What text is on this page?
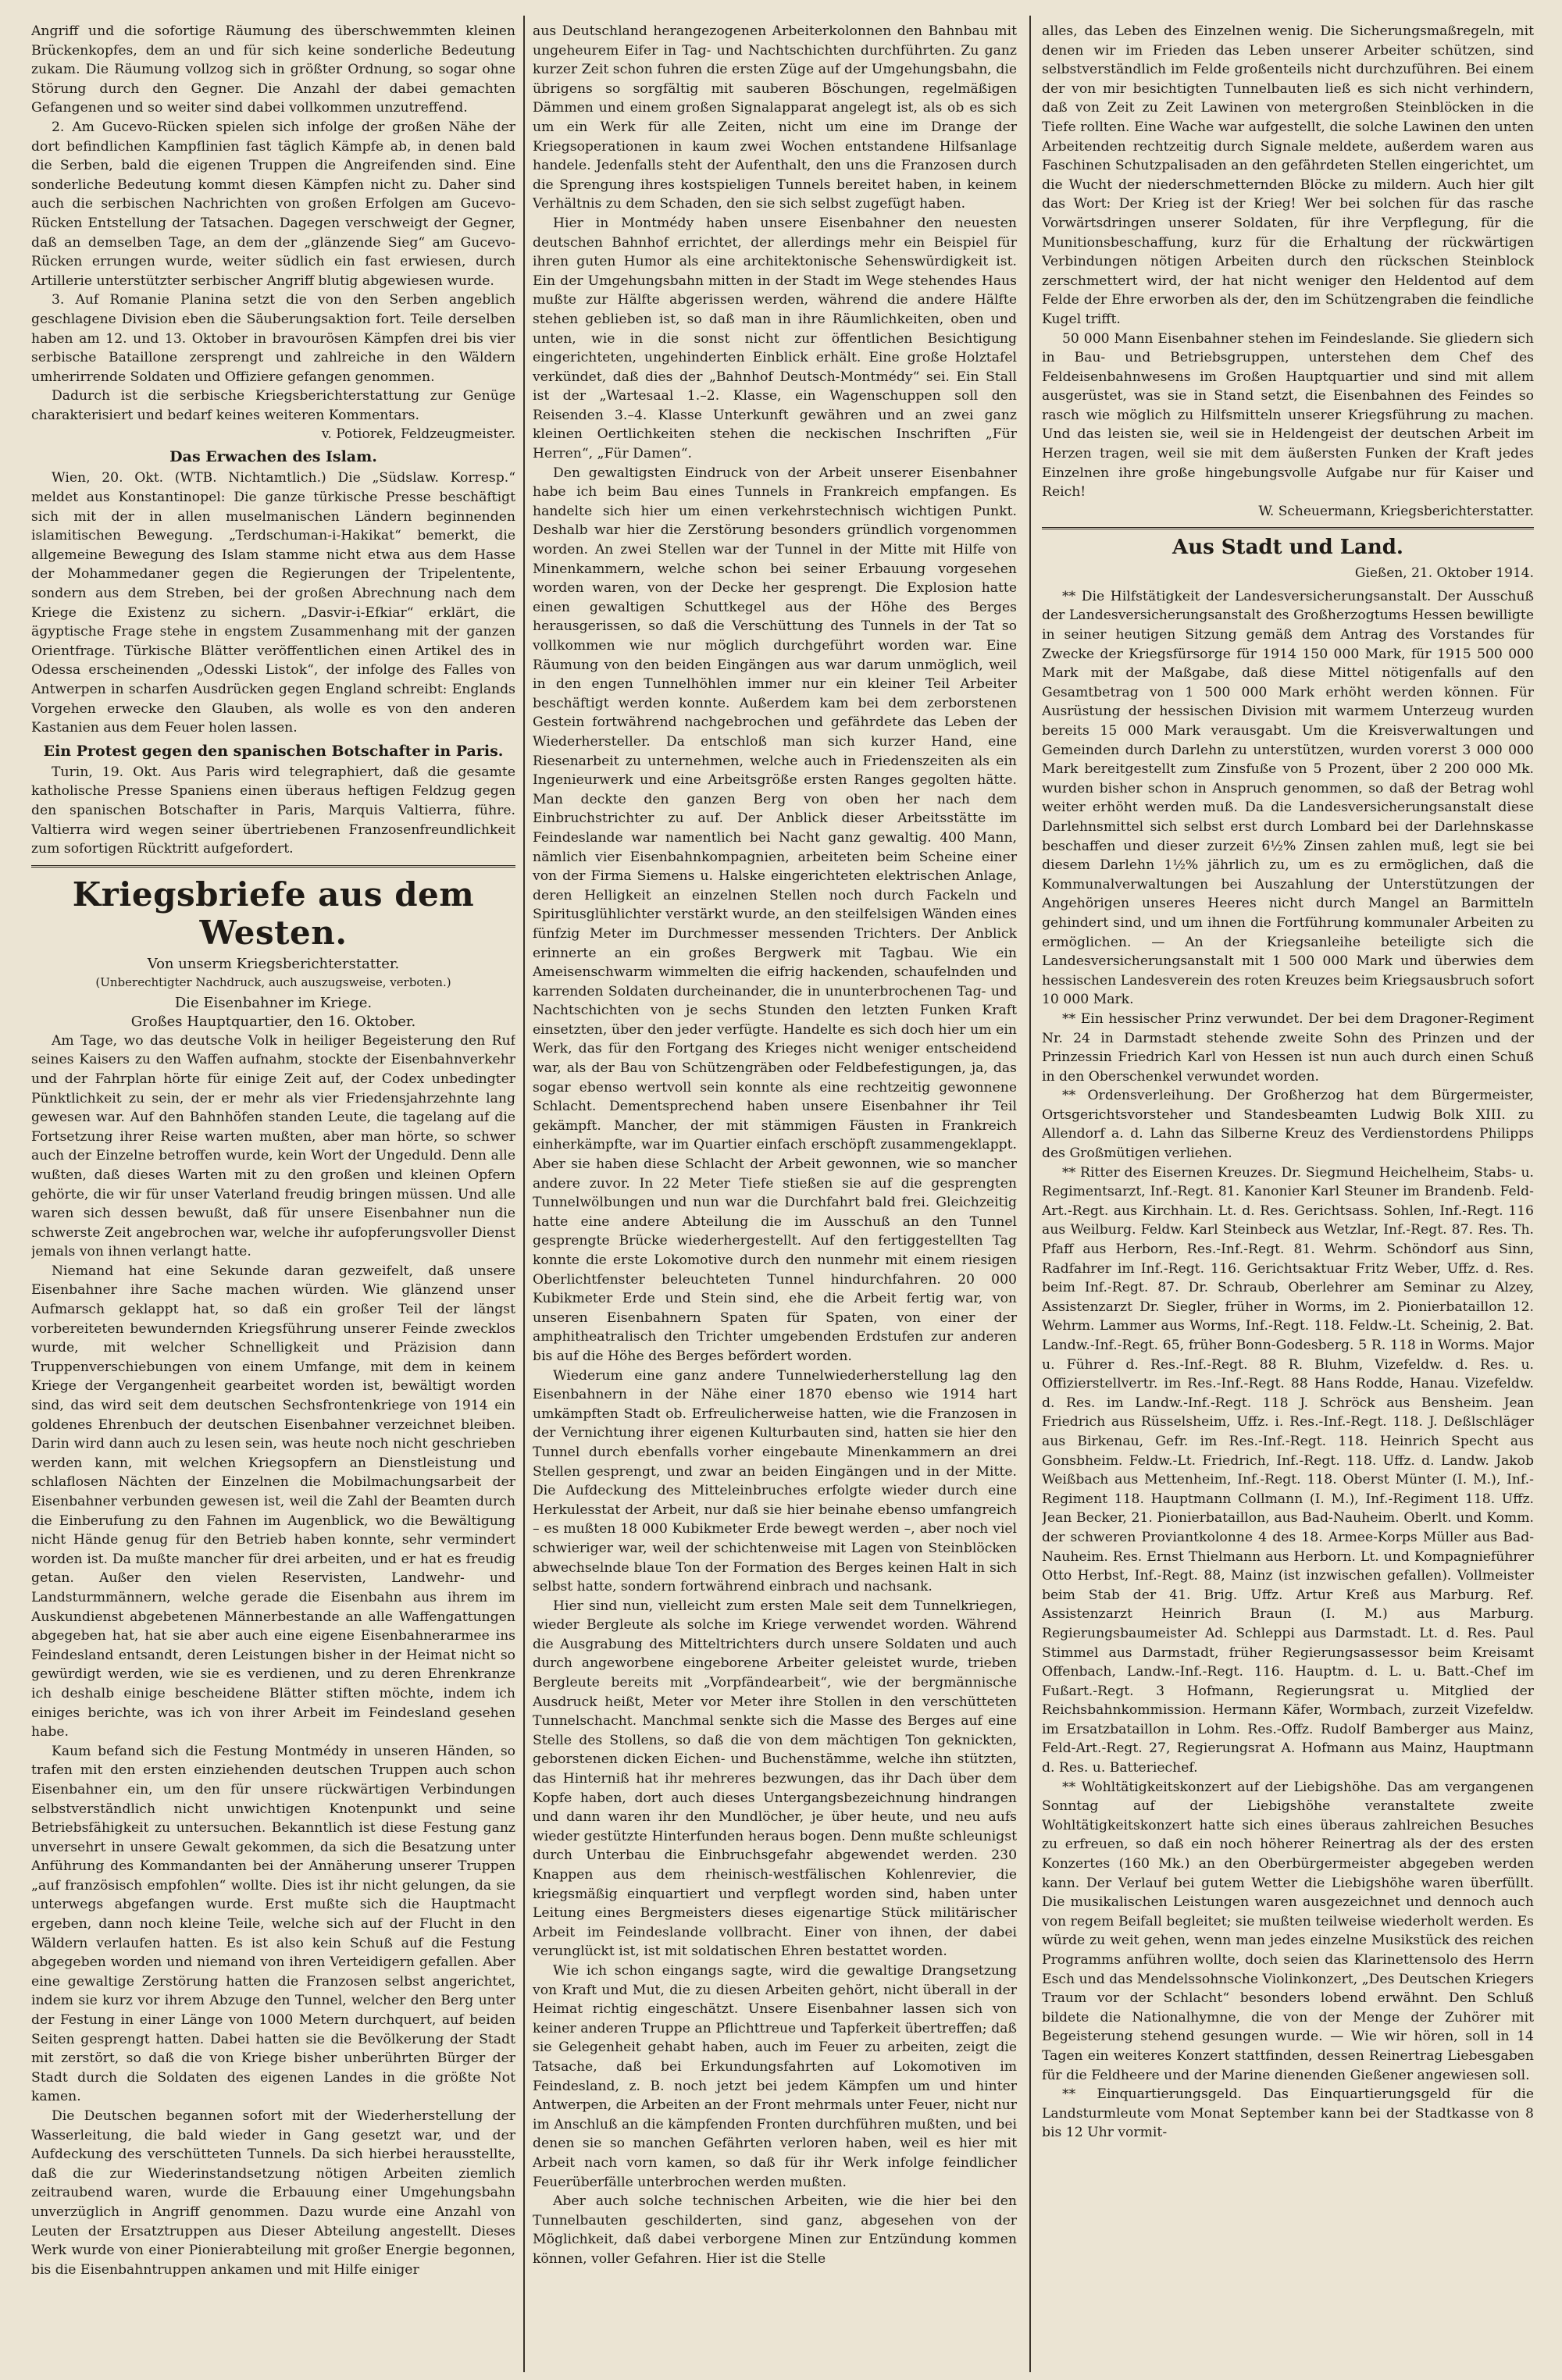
Angriff und die sofortige Räumung des überschwemmten kleinen Brückenkopfes, dem an und für sich keine sonderliche Bedeutung zukam. Die Räumung vollzog sich in größter Ordnung, so sogar ohne Störung durch den Gegner. Die Anzahl der dabei gemachten Gefangenen und so weiter sind dabei vollkommen unzutreffend.

2. Am Gucevo-Rücken spielen sich infolge der großen Nähe der dort befindlichen Kampflinien fast täglich Kämpfe ab, in denen bald die Serben, bald die eigenen Truppen die Angreifenden sind. Eine sonderliche Bedeutung kommt diesen Kämpfen nicht zu. Daher sind auch die serbischen Nachrichten von großen Erfolgen am Gucevo-Rücken Entstellung der Tatsachen. Dagegen verschweigt der Gegner, daß an demselben Tage, an dem der „glänzende Sieg“ am Gucevo-Rücken errungen wurde, weiter südlich ein fast erwiesen, durch Artillerie unterstützter serbischer Angriff blutig abgewiesen wurde.

3. Auf Romanie Planina setzt die von den Serben angeblich geschlagene Division eben die Säuberungsaktion fort. Teile derselben haben am 12. und 13. Oktober in bravourösen Kämpfen drei bis vier serbische Bataillone zersprengt und zahlreiche in den Wäldern umherirrende Soldaten und Offiziere gefangen genommen.

Dadurch ist die serbische Kriegsberichterstattung zur Genüge charakterisiert und bedarf keines weiteren Kommentars.

v. Potiorek, Feldzeugmeister.
Das Erwachen des Islam.

Wien, 20. Okt. (WTB. Nichtamtlich.) Die „Südslaw. Korresp.“ meldet aus Konstantinopel: Die ganze türkische Presse beschäftigt sich mit der in allen muselmanischen Ländern beginnenden islamitischen Bewegung. „Terdschuman-i-Hakikat“ bemerkt, die allgemeine Bewegung des Islam stamme nicht etwa aus dem Hasse der Mohammedaner gegen die Regierungen der Tripelentente, sondern aus dem Streben, bei der großen Abrechnung nach dem Kriege die Existenz zu sichern. „Dasvir-i-Efkiar“ erklärt, die ägyptische Frage stehe in engstem Zusammenhang mit der ganzen Orientfrage. Türkische Blätter veröffentlichen einen Artikel des in Odessa erscheinenden „Odesski Listok“, der infolge des Falles von Antwerpen in scharfen Ausdrücken gegen England schreibt: Englands Vorgehen erwecke den Glauben, als wolle es von den anderen Kastanien aus dem Feuer holen lassen.

Ein Protest gegen den spanischen Botschafter in Paris.

Turin, 19. Okt. Aus Paris wird telegraphiert, daß die gesamte katholische Presse Spaniens einen überaus heftigen Feldzug gegen den spanischen Botschafter in Paris, Marquis Valtierra, führe. Valtierra wird wegen seiner übertriebenen Franzosenfreundlichkeit zum sofortigen Rücktritt aufgefordert.

Kriegsbriefe aus dem Westen.
Von unserm Kriegsberichterstatter.
(Unberechtigter Nachdruck, auch auszugsweise, verboten.)
Die Eisenbahner im Kriege.
Großes Hauptquartier, den 16. Oktober.

Am Tage, wo das deutsche Volk in heiliger Begeisterung den Ruf seines Kaisers zu den Waffen aufnahm, stockte der Eisenbahnverkehr und der Fahrplan hörte für einige Zeit auf, der Codex unbedingter Pünktlichkeit zu sein, der er mehr als vier Friedensjahrzehnte lang gewesen war. Auf den Bahnhöfen standen Leute, die tagelang auf die Fortsetzung ihrer Reise warten mußten, aber man hörte, so schwer auch der Einzelne betroffen wurde, kein Wort der Ungeduld. Denn alle wußten, daß dieses Warten mit zu den großen und kleinen Opfern gehörte, die wir für unser Vaterland freudig bringen müssen. Und alle waren sich dessen bewußt, daß für unsere Eisenbahner nun die schwerste Zeit angebrochen war, welche ihr aufopferungsvoller Dienst jemals von ihnen verlangt hatte.

Niemand hat eine Sekunde daran gezweifelt, daß unsere Eisenbahner ihre Sache machen würden. Wie glänzend unser Aufmarsch geklappt hat, so daß ein großer Teil der längst vorbereiteten bewundernden Kriegsführung unserer Feinde zwecklos wurde, mit welcher Schnelligkeit und Präzision dann Truppenverschiebungen von einem Umfange, mit dem in keinem Kriege der Vergangenheit gearbeitet worden ist, bewältigt worden sind, das wird seit dem deutschen Sechsfrontenkriege von 1914 ein goldenes Ehrenbuch der deutschen Eisenbahner verzeichnet bleiben. Darin wird dann auch zu lesen sein, was heute noch nicht geschrieben werden kann, mit welchen Kriegsopfern an Dienstleistung und schlaflosen Nächten der Einzelnen die Mobilmachungsarbeit der Eisenbahner verbunden gewesen ist, weil die Zahl der Beamten durch die Einberufung zu den Fahnen im Augenblick, wo die Bewältigung nicht Hände genug für den Betrieb haben konnte, sehr vermindert worden ist. Da mußte mancher für drei arbeiten, und er hat es freudig getan. Außer den vielen Reservisten, Landwehr- und Landsturmmännern, welche gerade die Eisenbahn aus ihrem im Auskundienst abgebetenen Männerbestande an alle Waffengattungen abgegeben hat, hat sie aber auch eine eigene Eisenbahnerarmee ins Feindesland entsandt, deren Leistungen bisher in der Heimat nicht so gewürdigt werden, wie sie es verdienen, und zu deren Ehrenkranze ich deshalb einige bescheidene Blätter stiften möchte, indem ich einiges berichte, was ich von ihrer Arbeit im Feindesland gesehen habe.

Kaum befand sich die Festung Montmédy in unseren Händen, so trafen mit den ersten einziehenden deutschen Truppen auch schon Eisenbahner ein, um den für unsere rückwärtigen Verbindungen selbstverständlich nicht unwichtigen Knotenpunkt und seine Betriebsfähigkeit zu untersuchen. Bekanntlich ist diese Festung ganz unversehrt in unsere Gewalt gekommen, da sich die Besatzung unter Anführung des Kommandanten bei der Annäherung unserer Truppen „auf französisch empfohlen“ wollte. Dies ist ihr nicht gelungen, da sie unterwegs abgefangen wurde. Erst mußte sich die Hauptmacht ergeben, dann noch kleine Teile, welche sich auf der Flucht in den Wäldern verlaufen hatten. Es ist also kein Schuß auf die Festung abgegeben worden und niemand von ihren Verteidigern gefallen. Aber eine gewaltige Zerstörung hatten die Franzosen selbst angerichtet, indem sie kurz vor ihrem Abzuge den Tunnel, welcher den Berg unter der Festung in einer Länge von 1000 Metern durchquert, auf beiden Seiten gesprengt hatten. Dabei hatten sie die Bevölkerung der Stadt mit zerstört, so daß die von Kriege bisher unberührten Bürger der Stadt durch die Soldaten des eigenen Landes in die größte Not kamen.

Die Deutschen begannen sofort mit der Wiederherstellung der Wasserleitung, die bald wieder in Gang gesetzt war, und der Aufdeckung des verschütteten Tunnels. Da sich hierbei herausstellte, daß die zur Wiederinstandsetzung nötigen Arbeiten ziemlich zeitraubend waren, wurde die Erbauung einer Umgehungsbahn unverzüglich in Angriff genommen. Dazu wurde eine Anzahl von Leuten der Ersatztruppen aus Dieser Abteilung angestellt. Dieses Werk wurde von einer Pionierabteilung mit großer Energie begonnen, bis die Eisenbahntruppen ankamen und mit Hilfe einiger

aus Deutschland herangezogenen Arbeiterkolonnen den Bahnbau mit ungeheurem Eifer in Tag- und Nachtschichten durchführten. Zu ganz kurzer Zeit schon fuhren die ersten Züge auf der Umgehungsbahn, die übrigens so sorgfältig mit sauberen Böschungen, regelmäßigen Dämmen und einem großen Signalapparat angelegt ist, als ob es sich um ein Werk für alle Zeiten, nicht um eine im Drange der Kriegsoperationen in kaum zwei Wochen entstandene Hilfsanlage handele. Jedenfalls steht der Aufenthalt, den uns die Franzosen durch die Sprengung ihres kostspieligen Tunnels bereitet haben, in keinem Verhältnis zu dem Schaden, den sie sich selbst zugefügt haben.

Hier in Montmédy haben unsere Eisenbahner den neuesten deutschen Bahnhof errichtet, der allerdings mehr ein Beispiel für ihren guten Humor als eine architektonische Sehenswürdigkeit ist. Ein der Umgehungsbahn mitten in der Stadt im Wege stehendes Haus mußte zur Hälfte abgerissen werden, während die andere Hälfte stehen geblieben ist, so daß man in ihre Räumlichkeiten, oben und unten, wie in die sonst nicht zur öffentlichen Besichtigung eingerichteten, ungehinderten Einblick erhält. Eine große Holztafel verkündet, daß dies der „Bahnhof Deutsch-Montmédy“ sei. Ein Stall ist der „Wartesaal 1.–2. Klasse, ein Wagenschuppen soll den Reisenden 3.–4. Klasse Unterkunft gewähren und an zwei ganz kleinen Oertlichkeiten stehen die neckischen Inschriften „Für Herren“, „Für Damen“.

Den gewaltigsten Eindruck von der Arbeit unserer Eisenbahner habe ich beim Bau eines Tunnels in Frankreich empfangen. Es handelte sich hier um einen verkehrstechnisch wichtigen Punkt. Deshalb war hier die Zerstörung besonders gründlich vorgenommen worden. An zwei Stellen war der Tunnel in der Mitte mit Hilfe von Minenkammern, welche schon bei seiner Erbauung vorgesehen worden waren, von der Decke her gesprengt. Die Explosion hatte einen gewaltigen Schuttkegel aus der Höhe des Berges herausgerissen, so daß die Verschüttung des Tunnels in der Tat so vollkommen wie nur möglich durchgeführt worden war. Eine Räumung von den beiden Eingängen aus war darum unmöglich, weil in den engen Tunnelhöhlen immer nur ein kleiner Teil Arbeiter beschäftigt werden konnte. Außerdem kam bei dem zerborstenen Gestein fortwährend nachgebrochen und gefährdete das Leben der Wiederhersteller. Da entschloß man sich kurzer Hand, eine Riesenarbeit zu unternehmen, welche auch in Friedenszeiten als ein Ingenieurwerk und eine Arbeitsgröße ersten Ranges gegolten hätte. Man deckte den ganzen Berg von oben her nach dem Einbruchstrichter zu auf. Der Anblick dieser Arbeitsstätte im Feindeslande war namentlich bei Nacht ganz gewaltig. 400 Mann, nämlich vier Eisenbahnkompagnien, arbeiteten beim Scheine einer von der Firma Siemens u. Halske eingerichteten elektrischen Anlage, deren Helligkeit an einzelnen Stellen noch durch Fackeln und Spiritusglühlichter verstärkt wurde, an den steilfelsigen Wänden eines fünfzig Meter im Durchmesser messenden Trichters. Der Anblick erinnerte an ein großes Bergwerk mit Tagbau. Wie ein Ameisenschwarm wimmelten die eifrig hackenden, schaufelnden und karrenden Soldaten durcheinander, die in ununterbrochenen Tag- und Nachtschichten von je sechs Stunden den letzten Funken Kraft einsetzten, über den jeder verfügte. Handelte es sich doch hier um ein Werk, das für den Fortgang des Krieges nicht weniger entscheidend war, als der Bau von Schützengräben oder Feldbefestigungen, ja, das sogar ebenso wertvoll sein konnte als eine rechtzeitig gewonnene Schlacht. Dementsprechend haben unsere Eisenbahner ihr Teil gekämpft. Mancher, der mit stämmigen Fäusten in Frankreich einherkämpfte, war im Quartier einfach erschöpft zusammengeklappt. Aber sie haben diese Schlacht der Arbeit gewonnen, wie so mancher andere zuvor. In 22 Meter Tiefe stießen sie auf die gesprengten Tunnelwölbungen und nun war die Durchfahrt bald frei. Gleichzeitig hatte eine andere Abteilung die im Ausschuß an den Tunnel gesprengte Brücke wiederhergestellt. Auf den fertiggestellten Tag konnte die erste Lokomotive durch den nunmehr mit einem riesigen Oberlichtfenster beleuchteten Tunnel hindurchfahren. 20 000 Kubikmeter Erde und Stein sind, ehe die Arbeit fertig war, von unseren Eisenbahnern Spaten für Spaten, von einer der amphitheatralisch den Trichter umgebenden Erdstufen zur anderen bis auf die Höhe des Berges befördert worden.

Wiederum eine ganz andere Tunnelwiederherstellung lag den Eisenbahnern in der Nähe einer 1870 ebenso wie 1914 hart umkämpften Stadt ob. Erfreulicherweise hatten, wie die Franzosen in der Vernichtung ihrer eigenen Kulturbauten sind, hatten sie hier den Tunnel durch ebenfalls vorher eingebaute Minenkammern an drei Stellen gesprengt, und zwar an beiden Eingängen und in der Mitte. Die Aufdeckung des Mitteleinbruches erfolgte wieder durch eine Herkulesstat der Arbeit, nur daß sie hier beinahe ebenso umfangreich – es mußten 18 000 Kubikmeter Erde bewegt werden –, aber noch viel schwieriger war, weil der schichtenweise mit Lagen von Steinblöcken abwechselnde blaue Ton der Formation des Berges keinen Halt in sich selbst hatte, sondern fortwährend einbrach und nachsank.

Hier sind nun, vielleicht zum ersten Male seit dem Tunnelkriegen, wieder Bergleute als solche im Kriege verwendet worden. Während die Ausgrabung des Mitteltrichters durch unsere Soldaten und auch durch angeworbene eingeborene Arbeiter geleistet wurde, trieben Bergleute bereits mit „Vorpfändearbeit“, wie der bergmännische Ausdruck heißt, Meter vor Meter ihre Stollen in den verschütteten Tunnelschacht. Manchmal senkte sich die Masse des Berges auf eine Stelle des Stollens, so daß die von dem mächtigen Ton geknickten, geborstenen dicken Eichen- und Buchenstämme, welche ihn stützten, das Hinterniß hat ihr mehreres bezwungen, das ihr Dach über dem Kopfe haben, dort auch dieses Untergangsbezeichnung hindrangen und dann waren ihr den Mundlöcher, je über heute, und neu aufs wieder gestützte Hinterfunden heraus bogen. Denn mußte schleunigst durch Unterbau die Einbruchsgefahr abgewendet werden. 230 Knappen aus dem rheinisch-westfälischen Kohlenrevier, die kriegsmäßig einquartiert und verpflegt worden sind, haben unter Leitung eines Bergmeisters dieses eigenartige Stück militärischer Arbeit im Feindeslande vollbracht. Einer von ihnen, der dabei verunglückt ist, ist mit soldatischen Ehren bestattet worden.

Wie ich schon eingangs sagte, wird die gewaltige Drangsetzung von Kraft und Mut, die zu diesen Arbeiten gehört, nicht überall in der Heimat richtig eingeschätzt. Unsere Eisenbahner lassen sich von keiner anderen Truppe an Pflichttreue und Tapferkeit übertreffen; daß sie Gelegenheit gehabt haben, auch im Feuer zu arbeiten, zeigt die Tatsache, daß bei Erkundungsfahrten auf Lokomotiven im Feindesland, z. B. noch jetzt bei jedem Kämpfen um und hinter Antwerpen, die Arbeiten an der Front mehrmals unter Feuer, nicht nur im Anschluß an die kämpfenden Fronten durchführen mußten, und bei denen sie so manchen Gefährten verloren haben, weil es hier mit Arbeit nach vorn kamen, so daß für ihr Werk infolge feindlicher Feuerüberfälle unterbrochen werden mußten.

Aber auch solche technischen Arbeiten, wie die hier bei den Tunnelbauten geschilderten, sind ganz, abgesehen von der Möglichkeit, daß dabei verborgene Minen zur Entzündung kommen können, voller Gefahren. Hier ist die Stelle

alles, das Leben des Einzelnen wenig. Die Sicherungsmaßregeln, mit denen wir im Frieden das Leben unserer Arbeiter schützen, sind selbstverständlich im Felde großenteils nicht durchzuführen. Bei einem der von mir besichtigten Tunnelbauten ließ es sich nicht verhindern, daß von Zeit zu Zeit Lawinen von metergroßen Steinblöcken in die Tiefe rollten. Eine Wache war aufgestellt, die solche Lawinen den unten Arbeitenden rechtzeitig durch Signale meldete, außerdem waren aus Faschinen Schutzpalisaden an den gefährdeten Stellen eingerichtet, um die Wucht der niederschmetternden Blöcke zu mildern. Auch hier gilt das Wort: Der Krieg ist der Krieg! Wer bei solchen für das rasche Vorwärtsdringen unserer Soldaten, für ihre Verpflegung, für die Munitionsbeschaffung, kurz für die Erhaltung der rückwärtigen Verbindungen nötigen Arbeiten durch den rückschen Steinblock zerschmettert wird, der hat nicht weniger den Heldentod auf dem Felde der Ehre erworben als der, den im Schützengraben die feindliche Kugel trifft.

50 000 Mann Eisenbahner stehen im Feindeslande. Sie gliedern sich in Bau- und Betriebsgruppen, unterstehen dem Chef des Feldeisenbahnwesens im Großen Hauptquartier und sind mit allem ausgerüstet, was sie in Stand setzt, die Eisenbahnen des Feindes so rasch wie möglich zu Hilfsmitteln unserer Kriegsführung zu machen. Und das leisten sie, weil sie in Heldengeist der deutschen Arbeit im Herzen tragen, weil sie mit dem äußersten Funken der Kraft jedes Einzelnen ihre große hingebungsvolle Aufgabe nur für Kaiser und Reich!

W. Scheuermann, Kriegsberichterstatter.
Aus Stadt und Land.
Gießen, 21. Oktober 1914.

** Die Hilfstätigkeit der Landesversicherungsanstalt. Der Ausschuß der Landesversicherungsanstalt des Großherzogtums Hessen bewilligte in seiner heutigen Sitzung gemäß dem Antrag des Vorstandes für Zwecke der Kriegsfürsorge für 1914 150 000 Mark, für 1915 500 000 Mark mit der Maßgabe, daß diese Mittel nötigenfalls auf den Gesamtbetrag von 1 500 000 Mark erhöht werden können. Für Ausrüstung der hessischen Division mit warmem Unterzeug wurden bereits 15 000 Mark verausgabt. Um die Kreisverwaltungen und Gemeinden durch Darlehn zu unterstützen, wurden vorerst 3 000 000 Mark bereitgestellt zum Zinsfuße von 5 Prozent, über 2 200 000 Mk. wurden bisher schon in Anspruch genommen, so daß der Betrag wohl weiter erhöht werden muß. Da die Landesversicherungsanstalt diese Darlehnsmittel sich selbst erst durch Lombard bei der Darlehnskasse beschaffen und dieser zurzeit 6½% Zinsen zahlen muß, legt sie bei diesem Darlehn 1½% jährlich zu, um es zu ermöglichen, daß die Kommunalverwaltungen bei Auszahlung der Unterstützungen der Angehörigen unseres Heeres nicht durch Mangel an Barmitteln gehindert sind, und um ihnen die Fortführung kommunaler Arbeiten zu ermöglichen. — An der Kriegsanleihe beteiligte sich die Landesversicherungsanstalt mit 1 500 000 Mark und überwies dem hessischen Landesverein des roten Kreuzes beim Kriegsausbruch sofort 10 000 Mark.

** Ein hessischer Prinz verwundet. Der bei dem Dragoner-Regiment Nr. 24 in Darmstadt stehende zweite Sohn des Prinzen und der Prinzessin Friedrich Karl von Hessen ist nun auch durch einen Schuß in den Oberschenkel verwundet worden.

** Ordensverleihung. Der Großherzog hat dem Bürgermeister, Ortsgerichtsvorsteher und Standesbeamten Ludwig Bolk XIII. zu Allendorf a. d. Lahn das Silberne Kreuz des Verdienstordens Philipps des Großmütigen verliehen.

** Ritter des Eisernen Kreuzes. Dr. Siegmund Heichelheim, Stabs- u. Regimentsarzt, Inf.-Regt. 81. Kanonier Karl Steuner im Brandenb. Feld-Art.-Regt. aus Kirchhain. Lt. d. Res. Gerichtsass. Sohlen, Inf.-Regt. 116 aus Weilburg. Feldw. Karl Steinbeck aus Wetzlar, Inf.-Regt. 87. Res. Th. Pfaff aus Herborn, Res.-Inf.-Regt. 81. Wehrm. Schöndorf aus Sinn, Radfahrer im Inf.-Regt. 116. Gerichtsaktuar Fritz Weber, Uffz. d. Res. beim Inf.-Regt. 87. Dr. Schraub, Oberlehrer am Seminar zu Alzey, Assistenzarzt Dr. Siegler, früher in Worms, im 2. Pionierbataillon 12. Wehrm. Lammer aus Worms, Inf.-Regt. 118. Feldw.-Lt. Scheinig, 2. Bat. Landw.-Inf.-Regt. 65, früher Bonn-Godesberg. 5 R. 118 in Worms. Major u. Führer d. Res.-Inf.-Regt. 88 R. Bluhm, Vizefeldw. d. Res. u. Offizierstellvertr. im Res.-Inf.-Regt. 88 Hans Rodde, Hanau. Vizefeldw. d. Res. im Landw.-Inf.-Regt. 118 J. Schröck aus Bensheim. Jean Friedrich aus Rüsselsheim, Uffz. i. Res.-Inf.-Regt. 118. J. Deßlschläger aus Birkenau, Gefr. im Res.-Inf.-Regt. 118. Heinrich Specht aus Gonsbheim. Feldw.-Lt. Friedrich, Inf.-Regt. 118. Uffz. d. Landw. Jakob Weißbach aus Mettenheim, Inf.-Regt. 118. Oberst Münter (I. M.), Inf.-Regiment 118. Hauptmann Collmann (I. M.), Inf.-Regiment 118. Uffz. Jean Becker, 21. Pionierbataillon, aus Bad-Nauheim. Oberlt. und Komm. der schweren Proviantkolonne 4 des 18. Armee-Korps Müller aus Bad-Nauheim. Res. Ernst Thielmann aus Herborn. Lt. und Kompagnieführer Otto Herbst, Inf.-Regt. 88, Mainz (ist inzwischen gefallen). Vollmeister beim Stab der 41. Brig. Uffz. Artur Kreß aus Marburg. Ref. Assistenzarzt Heinrich Braun (I. M.) aus Marburg. Regierungsbaumeister Ad. Schleppi aus Darmstadt. Lt. d. Res. Paul Stimmel aus Darmstadt, früher Regierungsassessor beim Kreisamt Offenbach, Landw.-Inf.-Regt. 116. Hauptm. d. L. u. Batt.-Chef im Fußart.-Regt. 3 Hofmann, Regierungsrat u. Mitglied der Reichsbahnkommission. Hermann Käfer, Wormbach, zurzeit Vizefeldw. im Ersatzbataillon in Lohm. Res.-Offz. Rudolf Bamberger aus Mainz, Feld-Art.-Regt. 27, Regierungsrat A. Hofmann aus Mainz, Hauptmann d. Res. u. Batteriechef.

** Wohltätigkeitskonzert auf der Liebigshöhe. Das am vergangenen Sonntag auf der Liebigshöhe veranstaltete zweite Wohltätigkeitskonzert hatte sich eines überaus zahlreichen Besuches zu erfreuen, so daß ein noch höherer Reinertrag als der des ersten Konzertes (160 Mk.) an den Oberbürgermeister abgegeben werden kann. Der Verlauf bei gutem Wetter die Liebigshöhe waren überfüllt. Die musikalischen Leistungen waren ausgezeichnet und dennoch auch von regem Beifall begleitet; sie mußten teilweise wiederholt werden. Es würde zu weit gehen, wenn man jedes einzelne Musikstück des reichen Programms anführen wollte, doch seien das Klarinettensolo des Herrn Esch und das Mendelssohnsche Violinkonzert, „Des Deutschen Kriegers Traum vor der Schlacht“ besonders lobend erwähnt. Den Schluß bildete die Nationalhymne, die von der Menge der Zuhörer mit Begeisterung stehend gesungen wurde. — Wie wir hören, soll in 14 Tagen ein weiteres Konzert stattfinden, dessen Reinertrag Liebesgaben für die Feldheere und der Marine dienenden Gießener angewiesen soll.

** Einquartierungsgeld. Das Einquartierungsgeld für die Landsturmleute vom Monat September kann bei der Stadtkasse von 8 bis 12 Uhr vormit-
